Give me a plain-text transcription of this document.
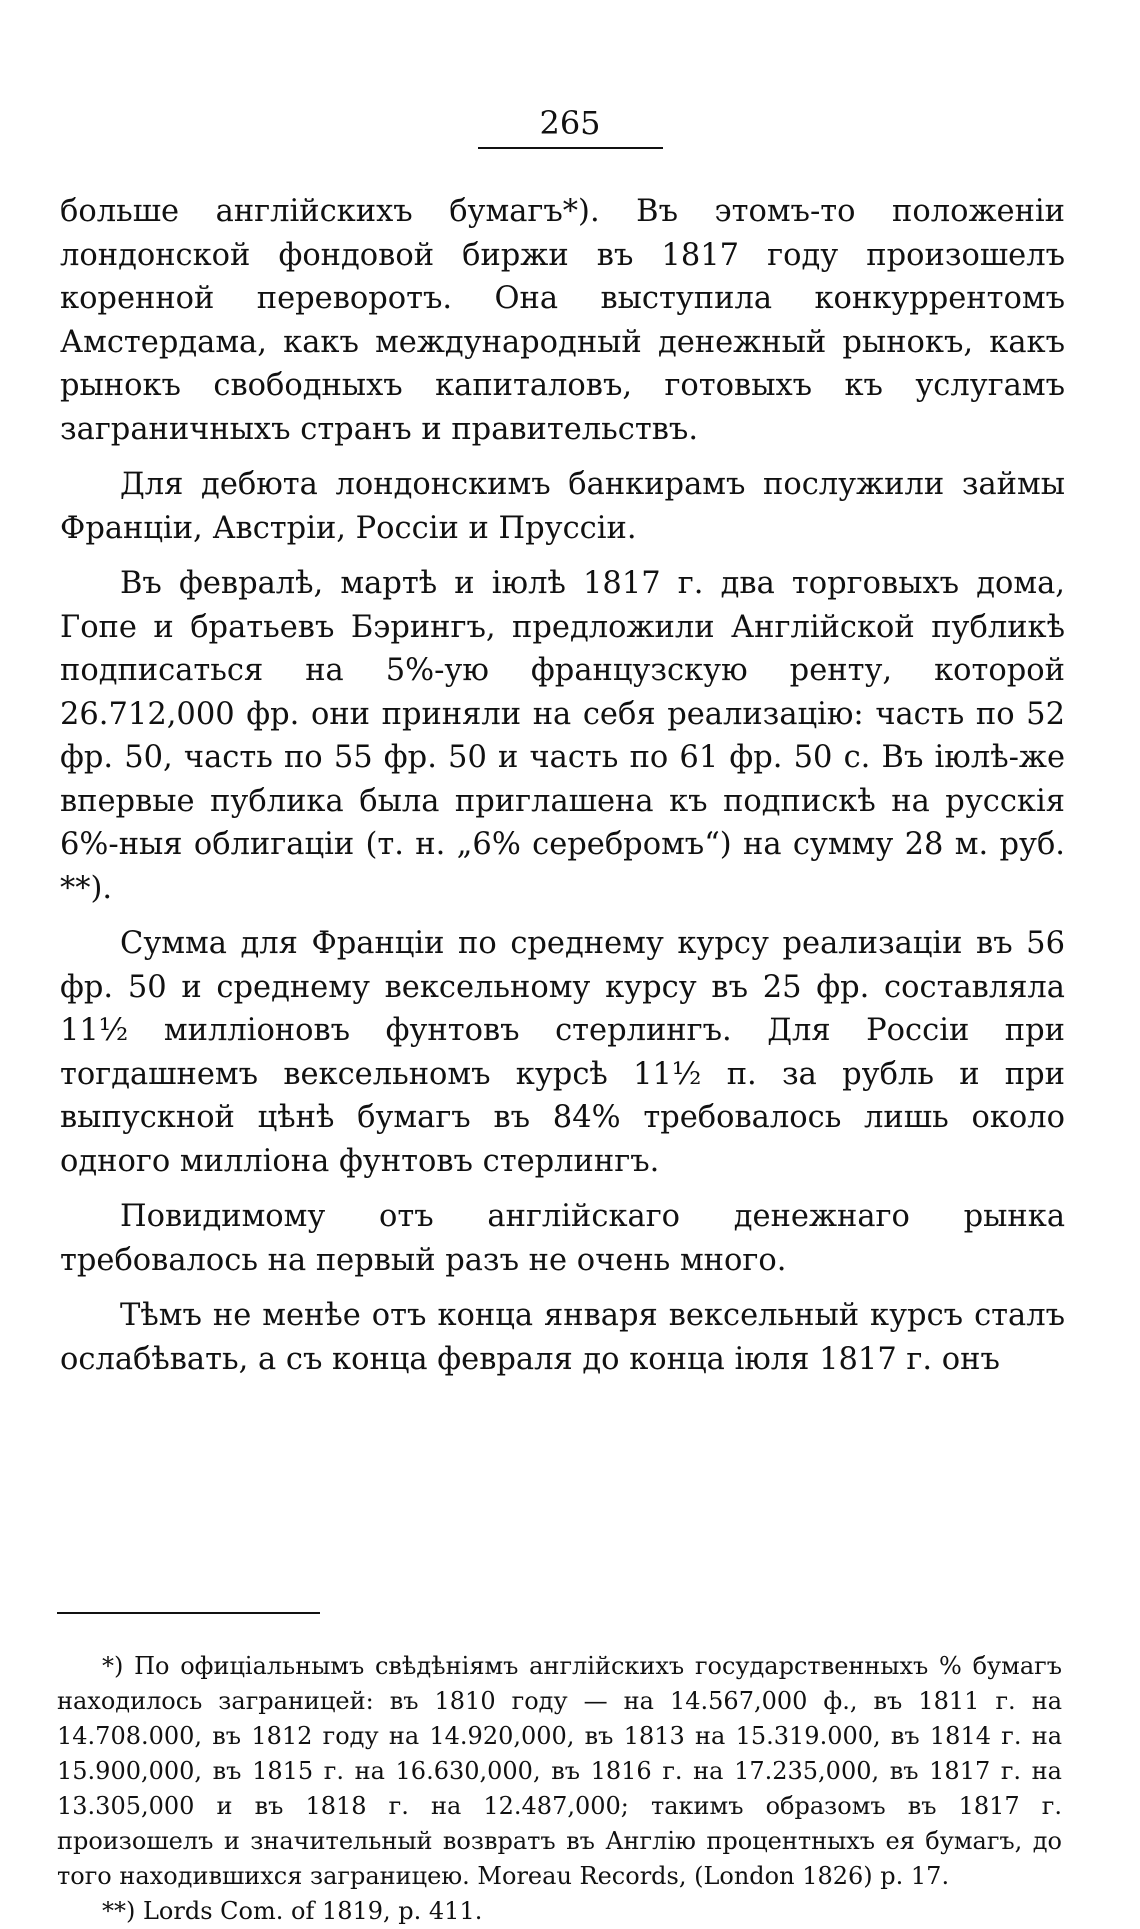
265

больше англійскихъ бумагъ*). Въ этомъ-то положеніи лондонской фондовой биржи въ 1817 году произошелъ коренной переворотъ. Она выступила конкуррентомъ Амстердама, какъ международный денежный рынокъ, какъ рынокъ свободныхъ капиталовъ, готовыхъ къ услугамъ заграничныхъ странъ и правительствъ.

Для дебюта лондонскимъ банкирамъ послужили займы Франціи, Австріи, Россіи и Пруссіи.

Въ февралѣ, мартѣ и іюлѣ 1817 г. два торговыхъ дома, Гопе и братьевъ Бэрингъ, предложили Англійской публикѣ подписаться на 5%-ую французскую ренту, которой 26.712,000 фр. они приняли на себя реализацію: часть по 52 фр. 50, часть по 55 фр. 50 и часть по 61 фр. 50 с. Въ іюлѣ-же впервые публика была приглашена къ подпискѣ на русскія 6%-ныя облигаціи (т. н. „6% серебромъ“) на сумму 28 м. руб. **).

Сумма для Франціи по среднему курсу реализаціи въ 56 фр. 50 и среднему вексельному курсу въ 25 фр. составляла 11½ милліоновъ фунтовъ стерлингъ. Для Россіи при тогдашнемъ вексельномъ курсѣ 11½ п. за рубль и при выпускной цѣнѣ бумагъ въ 84% требовалось лишь около одного милліона фунтовъ стерлингъ.

Повидимому отъ англійскаго денежнаго рынка требовалось на первый разъ не очень много.

Тѣмъ не менѣе отъ конца января вексельный курсъ сталъ ослабѣвать, а съ конца февраля до конца іюля 1817 г. онъ

*) По офиціальнымъ свѣдѣніямъ англійскихъ государственныхъ % бумагъ находилось заграницей: въ 1810 году — на 14.567,000 ф., въ 1811 г. на 14.708.000, въ 1812 году на 14.920,000, въ 1813 на 15.319.000, въ 1814 г. на 15.900,000, въ 1815 г. на 16.630,000, въ 1816 г. на 17.235,000, въ 1817 г. на 13.305,000 и въ 1818 г. на 12.487,000; такимъ образомъ въ 1817 г. произошелъ и значительный возвратъ въ Англію процентныхъ ея бумагъ, до того находившихся заграницею. Moreau Records, (London 1826) p. 17.

**) Lords Com. of 1819, p. 411.
